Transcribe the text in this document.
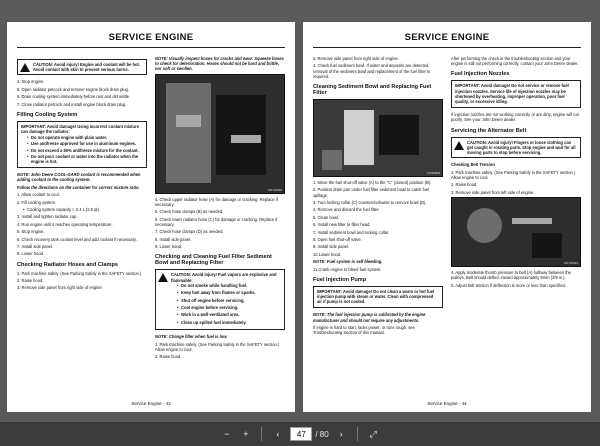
SERVICE ENGINE
CAUTION: Avoid injury! Engine and coolant will be hot. Avoid contact with skin to prevent serious burns.

4. Stop engine.

5. Open radiator petcock and remove engine block drain plug.

6. Drain cooling system immediately before rust and dirt settle.

7. Close radiator petcock and install engine block drain plug.

Filling Cooling System

IMPORTANT: Avoid damage! Using incorrect coolant mixture can damage the radiator:

• Do not operate engine with plain water.

• Use antifreeze approved for use in aluminum engines.

• Do not exceed a 50% antifreeze mixture for the coolant.

• Do not pour coolant or water into the radiator when the engine is hot.

NOTE: John Deere COOL-GARD coolant is recommended when adding coolant to the cooling system.

Follow the directions on the container for correct mixture ratio.

1. Allow coolant to cool.

2. Fill cooling system.

• Cooling system capacity ≡ 2.4 L (2.5 qt).

3. Install and tighten radiator cap.

4. Run engine until it reaches operating temperature.

5. Stop engine.

6. Check recovery tank coolant level and add coolant if necessary.

7. Install side panel.

8. Lower hood.

Checking Radiator Hoses and Clamps

1. Park machine safely. (See Parking Safely in the SAFETY section.)

2. Raise hood.

3. Remove side panel from right side of engine.

NOTE: Visually inspect hoses for cracks and wear. Squeeze hoses to check for deterioration. Hoses should not be hard and brittle, nor soft or swollen.

MX-50020

4. Check upper radiator hose (A) for damage or cracking. Replace if necessary.

5. Check hose clamps (B) as needed.

6. Check lower radiator hose (C) for damage or cracking. Replace if necessary.

7. Check hose clamps (D) as needed.

8. Install side panel.

9. Lower hood.

Checking and Cleaning Fuel Filter Sediment Bowl and Replacing Filter

CAUTION: Avoid injury! Fuel vapors are explosive and flammable:

• Do not smoke while handling fuel.

• Keep fuel away from flames or sparks.

• Shut off engine before servicing.

• Cool engine before servicing.

• Work in a well-ventilated area.

• Clean up spilled fuel immediately.

NOTE: Change filter when fuel is low.

1. Park machine safely. (See Parking Safely in the SAFETY section.) Allow engine to cool.

2. Raise hood.

Service Engine - 43
SERVICE ENGINE

3. Remove side panel from right side of engine.

4. Check fuel sediment bowl. If water and deposits are detected, removal of the sediment bowl and replacement of the fuel filter is required.

Cleaning Sediment Bowl and Replacing Fuel Filter

MX50859

1. Move the fuel shut-off valve (A) to the "C" (closed) position (B).

2. Position drain pan under fuel filter sediment bowl to catch fuel spillage.

3. Turn locking collar (C) counterclockwise to remove bowl (D).

4. Remove and discard the fuel filter.

5. Clean bowl.

6. Install new filter to filter head.

7. Install sediment bowl and locking collar.

8. Open fuel shut-off valve.

9. Install side panel.

10.Lower hood.

NOTE: Fuel system is self bleeding.

11.Crank engine to bleed fuel system.

Fuel Injection Pump

IMPORTANT: Avoid damage! Do not clean a warm or hot fuel injection pump with steam or water. Clean with compressed air if pump is not cooled.

NOTE: The fuel injection pump is calibrated by the engine manufacturer and should not require any adjustments.

If engine is hard to start, lacks power, or runs rough, see Troubleshooting Section of this manual.

After performing the check in the troubleshooting section and your engine is still not performing correctly, contact your John Deere dealer.

Fuel Injection Nozzles

IMPORTANT: Avoid damage! Do not service or remove fuel injection nozzles. Service life of injection nozzles may be shortened by overheating, improper operation, poor fuel quality, or excessive idling.

If injection nozzles are not working correctly or are dirty, engine will run poorly. See your John Deere dealer.

Servicing the Alternator Belt

CAUTION: Avoid injury! Fingers or loose clothing can get caught in rotating parts. Stop engine and wait for all moving parts to stop before servicing.

Checking Belt Tension

1. Park machine safely. (See Parking Safely in the SAFETY section.) Allow engine to cool.

2. Raise hood.

3. Remove side panel from left side of engine.

MX-50023

4. Apply moderate thumb pressure to belt (A) halfway between the pulleys. Belt should deflect inward approximately 9mm (3/8 in.).

5. Adjust belt tension if deflection is more or less than specified.

Service Engine - 44
−	+	‹
47	/ 80	›	⤢
